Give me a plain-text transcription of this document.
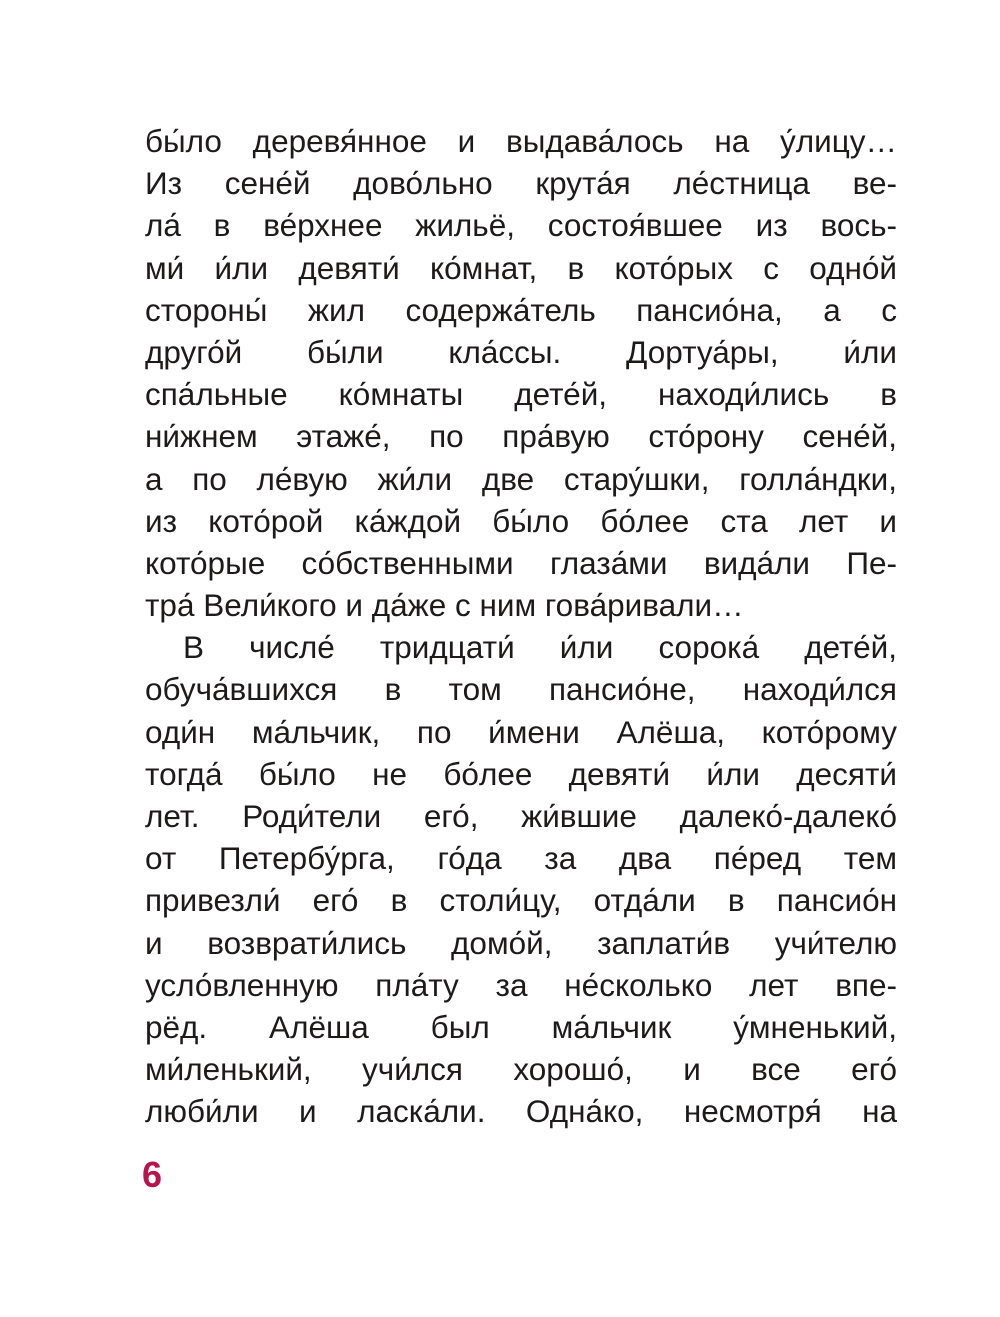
бы́ло деревя́нное и выдава́лось на у́лицу…
Из сене́й дово́льно крута́я ле́стница ве-
ла́ в ве́рхнее жильё, состоя́вшее из вось-
ми́ и́ли девяти́ ко́мнат, в кото́рых с одно́й
стороны́ жил содержа́тель пансио́на, а с
друго́й бы́ли кла́ссы. Дортуа́ры, и́ли
спа́льные ко́мнаты дете́й, находи́лись в
ни́жнем этаже́, по пра́вую сто́рону сене́й,
а по ле́вую жи́ли две стару́шки, голла́ндки,
из кото́рой ка́ждой бы́ло бо́лее ста лет и
кото́рые со́бственными глаза́ми вида́ли Пе-
тра́ Вели́кого и да́же с ним гова́ривали…
В числе́ тридцати́ и́ли сорока́ дете́й,
обуча́вшихся в том пансио́не, находи́лся
оди́н ма́льчик, по и́мени Алёша, кото́рому
тогда́ бы́ло не бо́лее девяти́ и́ли десяти́
лет. Роди́тели его́, жи́вшие далеко́-далеко́
от Петербу́рга, го́да за два пе́ред тем
привезли́ его́ в столи́цу, отда́ли в пансио́н
и возврати́лись домо́й, заплати́в учи́телю
усло́вленную пла́ту за не́сколько лет впе-
рёд. Алёша был ма́льчик у́мненький,
ми́ленький, учи́лся хорошо́, и все его́
люби́ли и ласка́ли. Одна́ко, несмотря́ на
6
